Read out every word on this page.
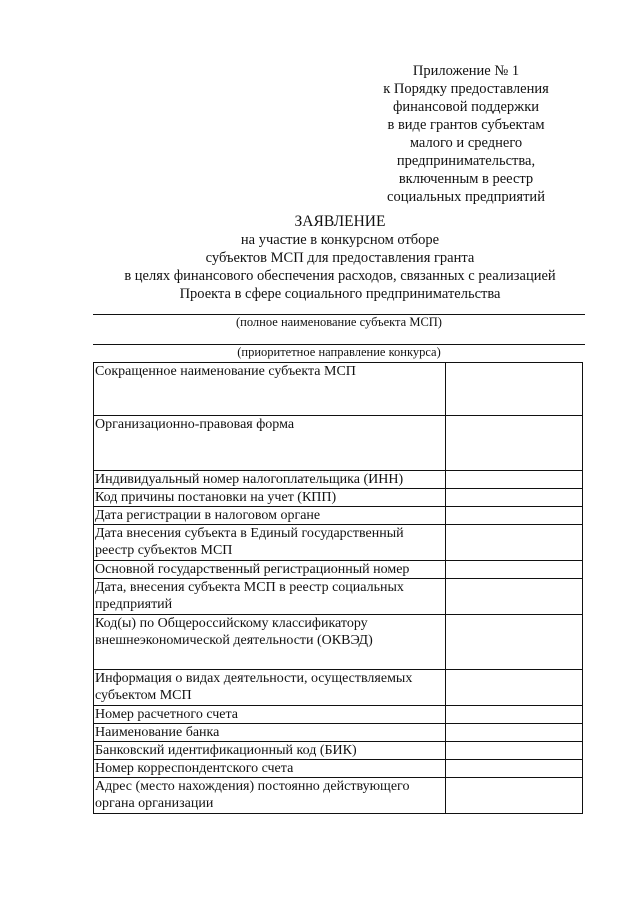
Приложение № 1
к Порядку предоставления
финансовой поддержки
в виде грантов субъектам
малого и среднего
предпринимательства,
включенным в реестр
социальных предприятий
ЗАЯВЛЕНИЕ
на участие в конкурсном отборе
субъектов МСП для предоставления гранта
в целях финансового обеспечения расходов, связанных с реализацией
Проекта в сфере социального предпринимательства
(полное наименование субъекта МСП)
(приоритетное направление конкурса)
Сокращенное наименование субъекта МСП	
Организационно-правовая форма	
Индивидуальный номер налогоплательщика (ИНН)	
Код причины постановки на учет (КПП)	
Дата регистрации в налоговом органе	
Дата внесения субъекта в Единый государственный реестр субъектов МСП	
Основной государственный регистрационный номер	
Дата, внесения субъекта МСП в реестр социальных предприятий	
Код(ы) по Общероссийскому классификатору внешнеэкономической деятельности (ОКВЭД)	
Информация о видах деятельности, осуществляемых субъектом МСП	
Номер расчетного счета	
Наименование банка	
Банковский идентификационный код (БИК)	
Номер корреспондентского счета	
Адрес (место нахождения) постоянно действующего органа организации	
